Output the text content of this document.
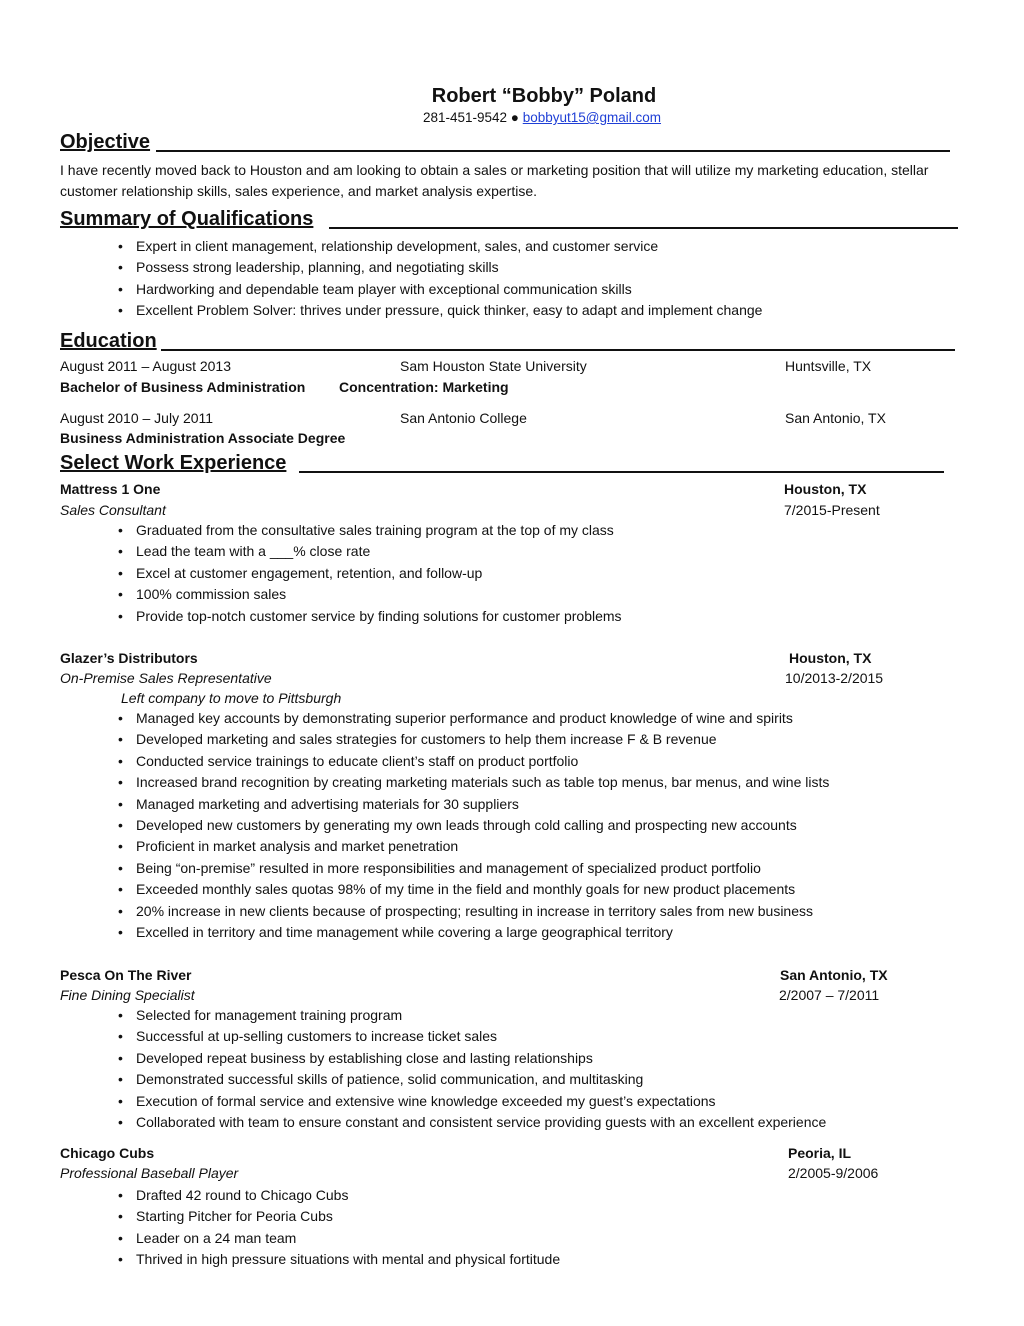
Robert “Bobby” Poland
281-451-9542 ● bobbyut15@gmail.com
Objective
I have recently moved back to Houston and am looking to obtain a sales or marketing position that will utilize my marketing education, stellar customer relationship skills, sales experience, and market analysis expertise.
Summary of Qualifications
• Expert in client management, relationship development, sales, and customer service
• Possess strong leadership, planning, and negotiating skills
• Hardworking and dependable team player with exceptional communication skills
• Excellent Problem Solver: thrives under pressure, quick thinker, easy to adapt and implement change
Education
August 2011 – August 2013	Sam Houston State University	Huntsville, TX
Bachelor of Business Administration Concentration: Marketing
August 2010 – July 2011	San Antonio College	San Antonio, TX
Business Administration Associate Degree
Select Work Experience
Mattress 1 One	Houston, TX
Sales Consultant	7/2015-Present
• Graduated from the consultative sales training program at the top of my class
• Lead the team with a ___% close rate
• Excel at customer engagement, retention, and follow-up
• 100% commission sales
• Provide top-notch customer service by finding solutions for customer problems
Glazer’s Distributors	Houston, TX
On-Premise Sales Representative	10/2013-2/2015
Left company to move to Pittsburgh
• Managed key accounts by demonstrating superior performance and product knowledge of wine and spirits
• Developed marketing and sales strategies for customers to help them increase F & B revenue
• Conducted service trainings to educate client’s staff on product portfolio
• Increased brand recognition by creating marketing materials such as table top menus, bar menus, and wine lists
• Managed marketing and advertising materials for 30 suppliers
• Developed new customers by generating my own leads through cold calling and prospecting new accounts
• Proficient in market analysis and market penetration
• Being “on-premise” resulted in more responsibilities and management of specialized product portfolio
• Exceeded monthly sales quotas 98% of my time in the field and monthly goals for new product placements
• 20% increase in new clients because of prospecting; resulting in increase in territory sales from new business
• Excelled in territory and time management while covering a large geographical territory
Pesca On The River	San Antonio, TX
Fine Dining Specialist	2/2007 – 7/2011
• Selected for management training program
• Successful at up-selling customers to increase ticket sales
• Developed repeat business by establishing close and lasting relationships
• Demonstrated successful skills of patience, solid communication, and multitasking
• Execution of formal service and extensive wine knowledge exceeded my guest’s expectations
• Collaborated with team to ensure constant and consistent service providing guests with an excellent experience
Chicago Cubs	Peoria, IL
Professional Baseball Player	2/2005-9/2006
• Drafted 42 round to Chicago Cubs
• Starting Pitcher for Peoria Cubs
• Leader on a 24 man team
• Thrived in high pressure situations with mental and physical fortitude
